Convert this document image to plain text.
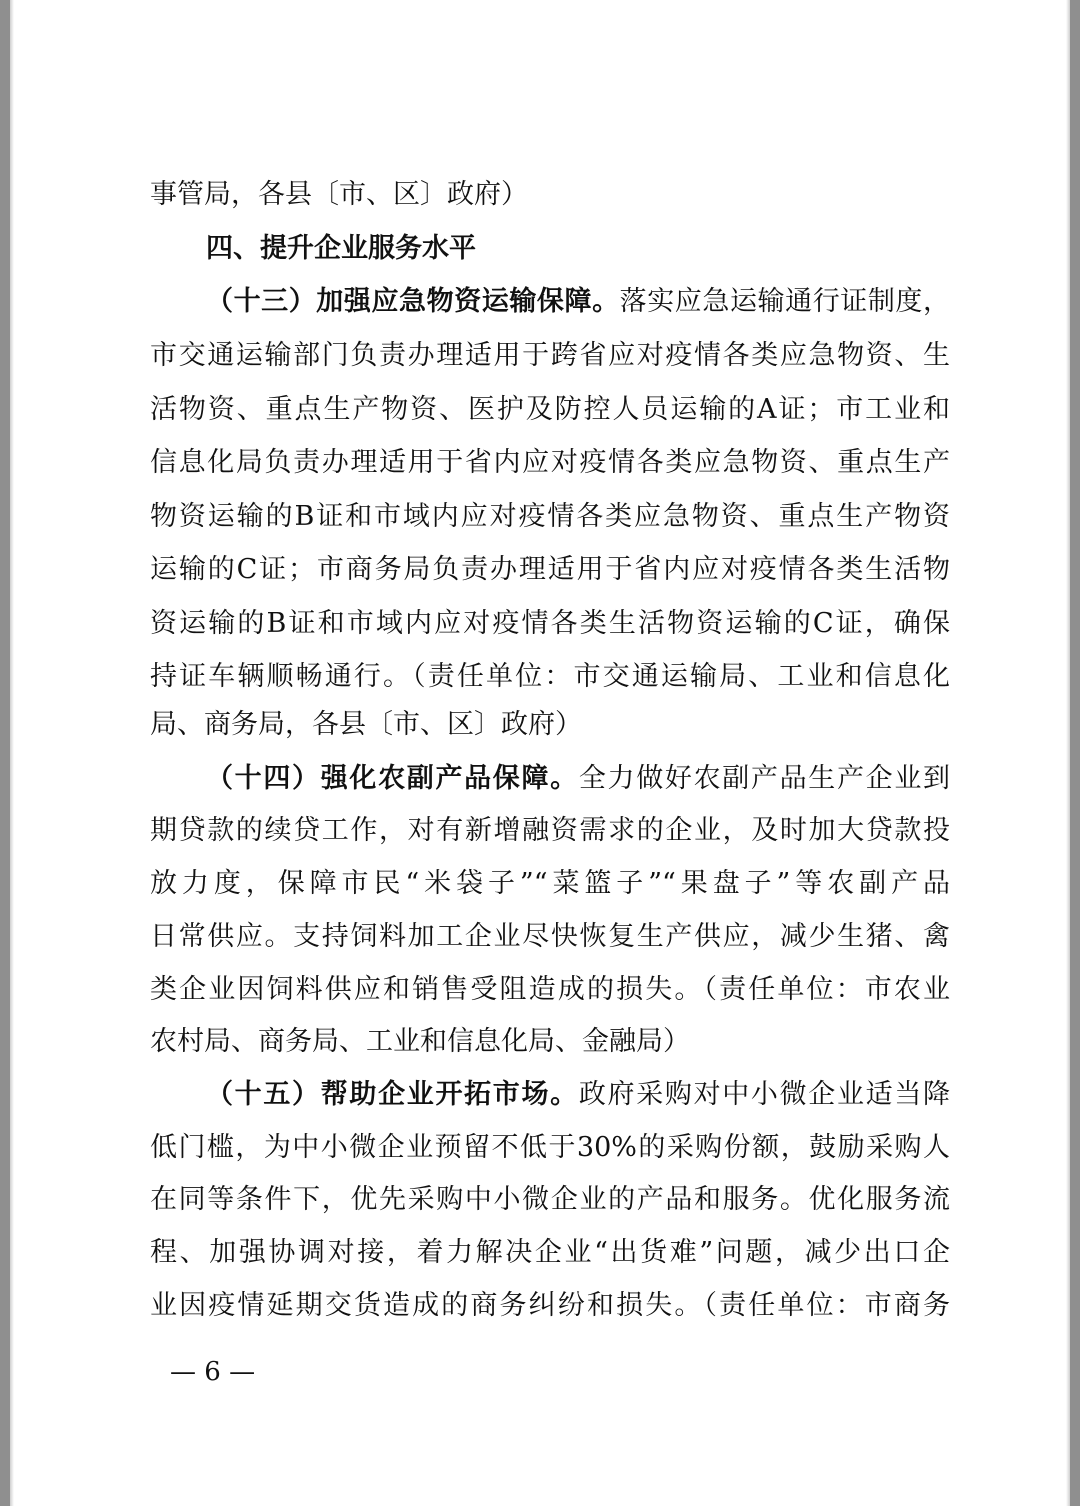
事管局，各县〔市、区〕政府）
四、提升企业服务水平
（十三）加强应急物资运输保障。落实应急运输通行证制度，
市交通运输部门负责办理适用于跨省应对疫情各类应急物资、生
活物资、重点生产物资、医护及防控人员运输的A证；市工业和
信息化局负责办理适用于省内应对疫情各类应急物资、重点生产
物资运输的B证和市域内应对疫情各类应急物资、重点生产物资
运输的C证；市商务局负责办理适用于省内应对疫情各类生活物
资运输的B证和市域内应对疫情各类生活物资运输的C证，确保
持证车辆顺畅通行。（责任单位：市交通运输局、工业和信息化
局、商务局，各县〔市、区〕政府）
（十四）强化农副产品保障。全力做好农副产品生产企业到
期贷款的续贷工作，对有新增融资需求的企业，及时加大贷款投
放力度，保障市民“米袋子”“菜篮子”“果盘子”等农副产品
日常供应。支持饲料加工企业尽快恢复生产供应，减少生猪、禽
类企业因饲料供应和销售受阻造成的损失。（责任单位：市农业
农村局、商务局、工业和信息化局、金融局）
（十五）帮助企业开拓市场。政府采购对中小微企业适当降
低门槛，为中小微企业预留不低于30%的采购份额，鼓励采购人
在同等条件下，优先采购中小微企业的产品和服务。优化服务流
程、加强协调对接，着力解决企业“出货难”问题，减少出口企
业因疫情延期交货造成的商务纠纷和损失。（责任单位：市商务
— 6 —
